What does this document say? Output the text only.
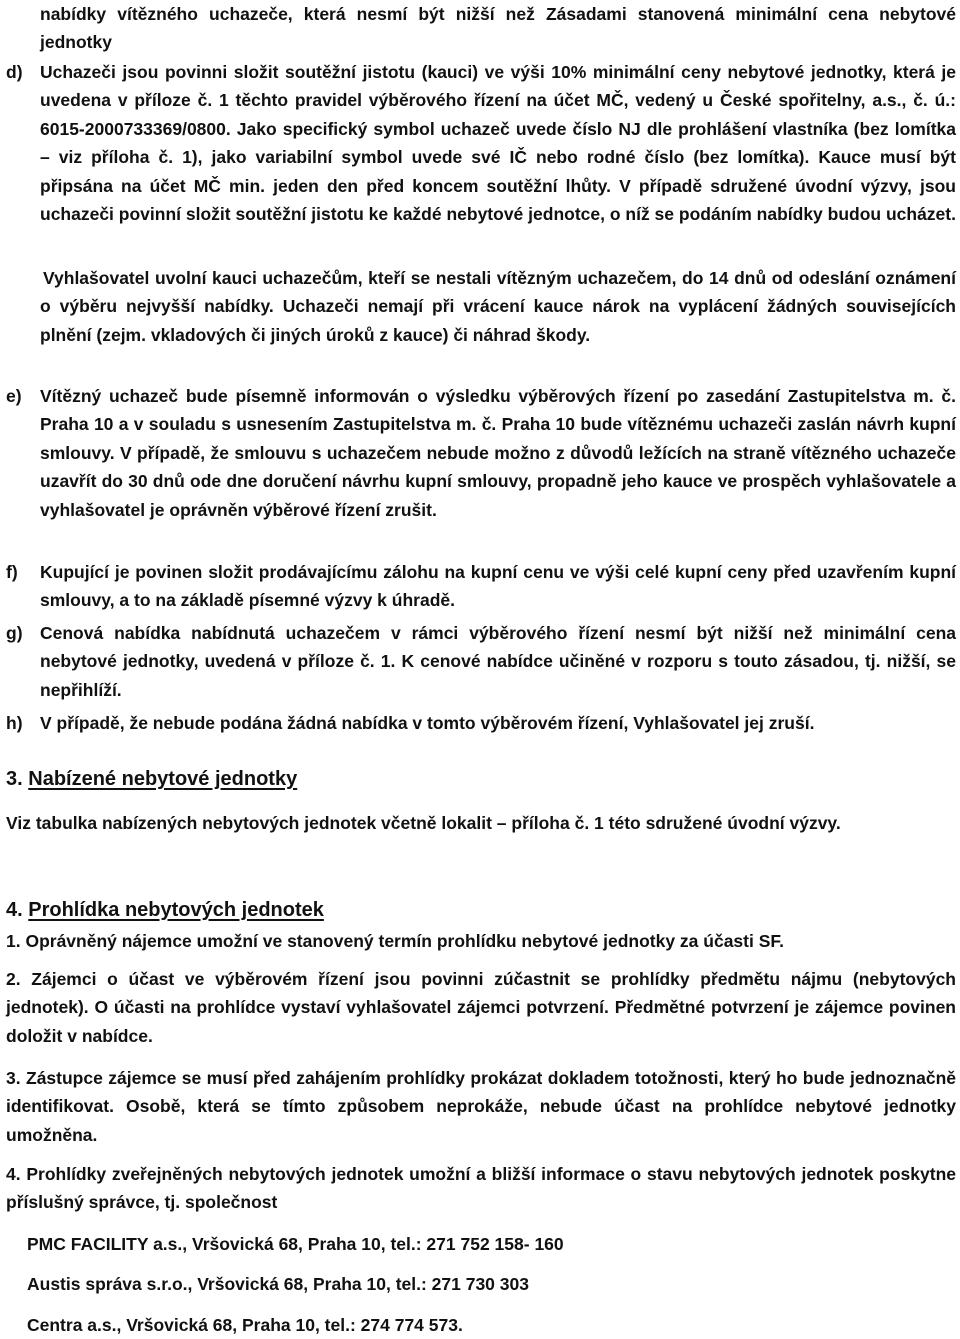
nabídky vítězného uchazeče, která nesmí být nižší než Zásadami stanovená minimální cena nebytové jednotky

d) Uchazeči jsou povinni složit soutěžní jistotu (kauci) ve výši 10% minimální ceny nebytové jednotky, která je uvedena v příloze č. 1 těchto pravidel výběrového řízení na účet MČ, vedený u České spořitelny, a.s., č. ú.: 6015-2000733369/0800. Jako specifický symbol uchazeč uvede číslo NJ dle prohlášení vlastníka (bez lomítka – viz příloha č. 1), jako variabilní symbol uvede své IČ nebo rodné číslo (bez lomítka). Kauce musí být připsána na účet MČ min. jeden den před koncem soutěžní lhůty. V případě sdružené úvodní výzvy, jsou uchazeči povinní složit soutěžní jistotu ke každé nebytové jednotce, o níž se podáním nabídky budou ucházet.

Vyhlašovatel uvolní kauci uchazečům, kteří se nestali vítězným uchazečem, do 14 dnů od odeslání oznámení o výběru nejvyšší nabídky. Uchazeči nemají při vrácení kauce nárok na vyplácení žádných souvisejících plnění (zejm. vkladových či jiných úroků z kauce) či náhrad škody.

e) Vítězný uchazeč bude písemně informován o výsledku výběrových řízení po zasedání Zastupitelstva m. č. Praha 10 a v souladu s usnesením Zastupitelstva m. č. Praha 10 bude vítěznému uchazeči zaslán návrh kupní smlouvy. V případě, že smlouvu s uchazečem nebude možno z důvodů ležících na straně vítězného uchazeče uzavřít do 30 dnů ode dne doručení návrhu kupní smlouvy, propadně jeho kauce ve prospěch vyhlašovatele a vyhlašovatel je oprávněn výběrové řízení zrušit.

f) Kupující je povinen složit prodávajícímu zálohu na kupní cenu ve výši celé kupní ceny před uzavřením kupní smlouvy, a to na základě písemné výzvy k úhradě.

g) Cenová nabídka nabídnutá uchazečem v rámci výběrového řízení nesmí být nižší než minimální cena nebytové jednotky, uvedená v příloze č. 1. K cenové nabídce učiněné v rozporu s touto zásadou, tj. nižší, se nepřihlíží.

h) V případě, že nebude podána žádná nabídka v tomto výběrovém řízení, Vyhlašovatel jej zruší.

3. Nabízené nebytové jednotky

Viz tabulka nabízených nebytových jednotek včetně lokalit – příloha č. 1 této sdružené úvodní výzvy.

4. Prohlídka nebytových jednotek

1. Oprávněný nájemce umožní ve stanovený termín prohlídku nebytové jednotky za účasti SF.

2. Zájemci o účast ve výběrovém řízení jsou povinni zúčastnit se prohlídky předmětu nájmu (nebytových jednotek). O účasti na prohlídce vystaví vyhlašovatel zájemci potvrzení. Předmětné potvrzení je zájemce povinen doložit v nabídce.

3. Zástupce zájemce se musí před zahájením prohlídky prokázat dokladem totožnosti, který ho bude jednoznačně identifikovat. Osobě, která se tímto způsobem neprokáže, nebude účast na prohlídce nebytové jednotky umožněna.

4. Prohlídky zveřejněných nebytových jednotek umožní a bližší informace o stavu nebytových jednotek poskytne příslušný správce, tj. společnost

PMC FACILITY a.s., Vršovická 68, Praha 10, tel.: 271 752 158- 160
Austis správa s.r.o., Vršovická 68, Praha 10, tel.: 271 730 303
Centra a.s., Vršovická 68, Praha 10, tel.: 274 774 573.
